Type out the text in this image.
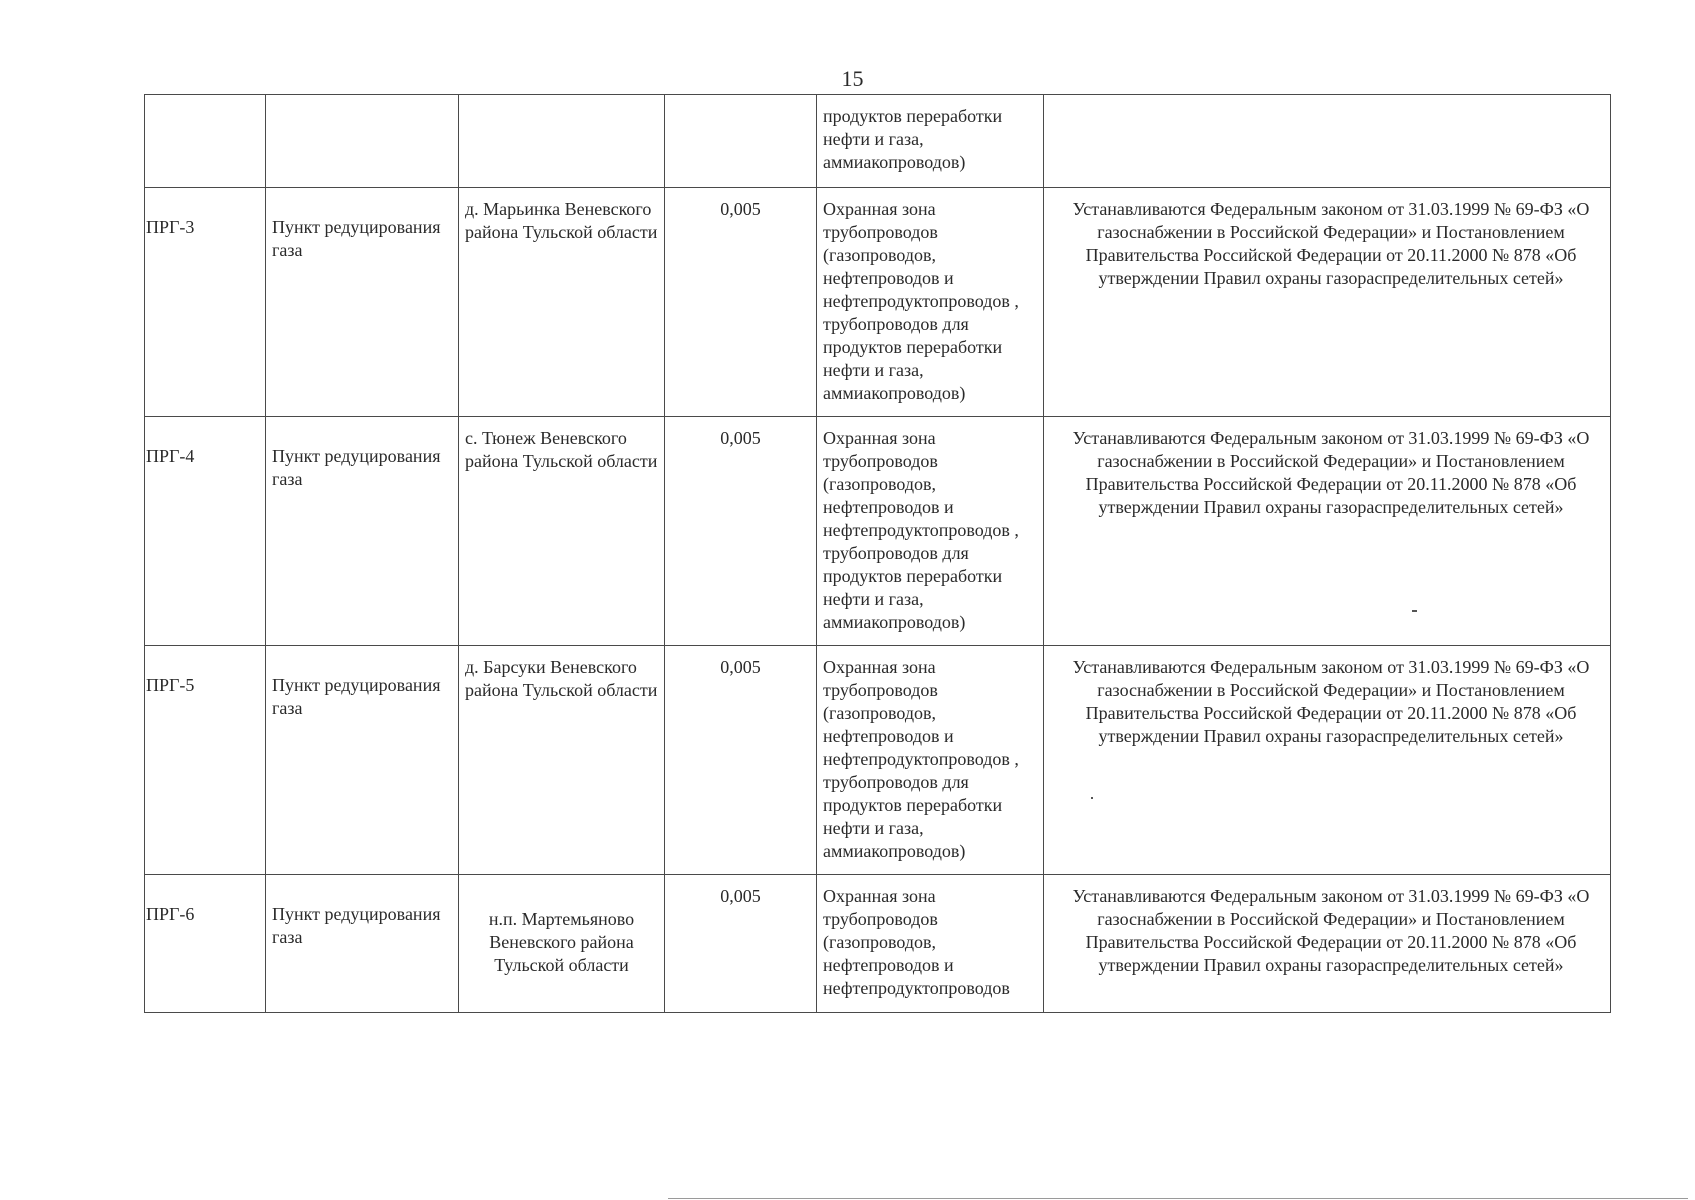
15
				продуктов переработки нефти и газа, аммиакопроводов)	
ПРГ-3	Пункт редуцирования газа	д. Марьинка Веневского района Тульской области	0,005	Охранная зона трубопроводов (газопроводов, нефтепроводов и нефтепродуктопроводов , трубопроводов для продуктов переработки нефти и газа, аммиакопроводов)	Устанавливаются Федеральным законом от 31.03.1999 № 69-ФЗ «О газоснабжении в Российской Федерации» и Постановлением Правительства Российской Федерации от 20.11.2000 № 878 «Об утверждении Правил охраны газораспределительных сетей»
ПРГ-4	Пункт редуцирования газа	с. Тюнеж Веневского района Тульской области	0,005	Охранная зона трубопроводов (газопроводов, нефтепроводов и нефтепродуктопроводов , трубопроводов для продуктов переработки нефти и газа, аммиакопроводов)	Устанавливаются Федеральным законом от 31.03.1999 № 69-ФЗ «О газоснабжении в Российской Федерации» и Постановлением Правительства Российской Федерации от 20.11.2000 № 878 «Об утверждении Правил охраны газораспределительных сетей»
ПРГ-5	Пункт редуцирования газа	д. Барсуки Веневского района Тульской области	0,005	Охранная зона трубопроводов (газопроводов, нефтепроводов и нефтепродуктопроводов , трубопроводов для продуктов переработки нефти и газа, аммиакопроводов)	Устанавливаются Федеральным законом от 31.03.1999 № 69-ФЗ «О газоснабжении в Российской Федерации» и Постановлением Правительства Российской Федерации от 20.11.2000 № 878 «Об утверждении Правил охраны газораспределительных сетей»
ПРГ-6	Пункт редуцирования газа	н.п. Мартемьяново Веневского района Тульской области	0,005	Охранная зона трубопроводов (газопроводов, нефтепроводов и нефтепродуктопроводов	Устанавливаются Федеральным законом от 31.03.1999 № 69-ФЗ «О газоснабжении в Российской Федерации» и Постановлением Правительства Российской Федерации от 20.11.2000 № 878 «Об утверждении Правил охраны газораспределительных сетей»
